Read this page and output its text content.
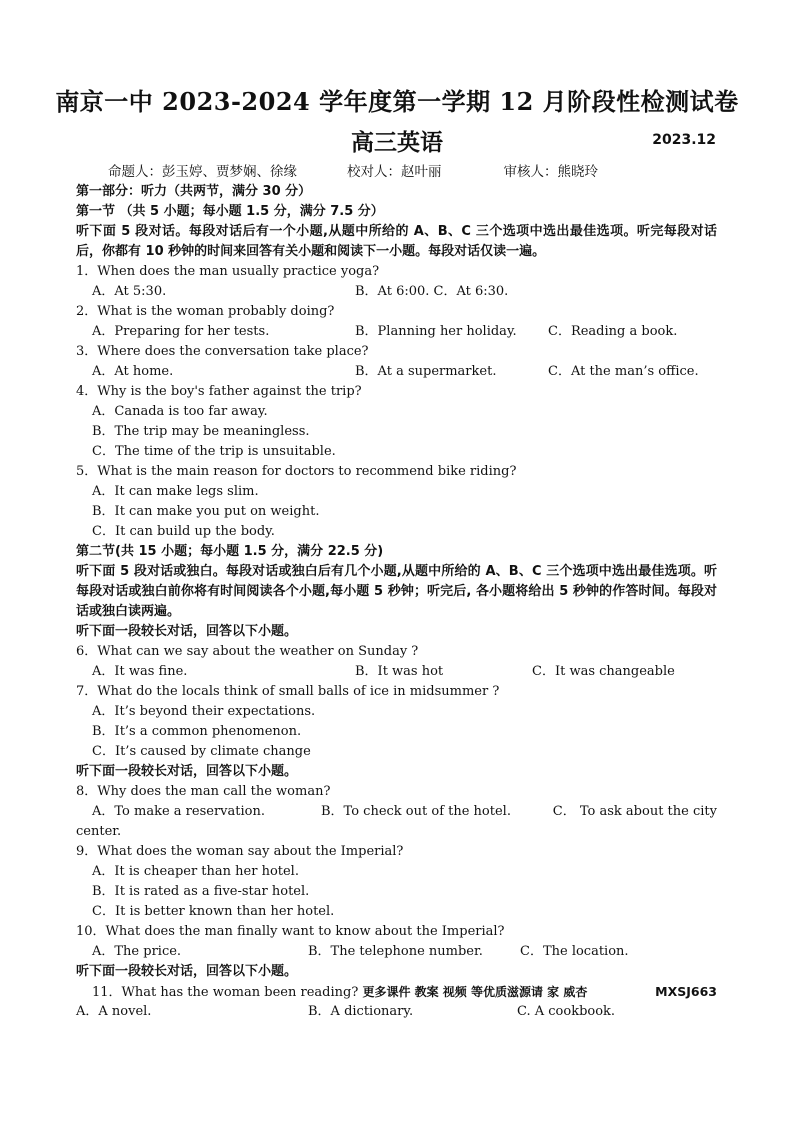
南京一中 2023-2024 学年度第一学期 12 月阶段性检测试卷
高三英语	2023.12
命题人：彭玉婷、贾梦娴、徐缘	校对人：赵叶丽	审核人：熊晓玲
第一部分：听力（共两节，满分 30 分）
第一节 （共 5 小题；每小题 1.5 分，满分 7.5 分）
听下面 5 段对话。每段对话后有一个小题,从题中所给的 A、B、C 三个选项中选出最佳选项。听完每段对话后，你都有 10 秒钟的时间来回答有关小题和阅读下一小题。每段对话仅读一遍。
1．When does the man usually practice yoga?
A．At 5:30.	B．At 6:00. C．At 6:30.
2．What is the woman probably doing?
A．Preparing for her tests.	B．Planning her holiday. C．Reading a book.
3．Where does the conversation take place?
A．At home.	B．At a supermarket.	C．At the man’s office.
4．Why is the boy's father against the trip?
A．Canada is too far away.
B．The trip may be meaningless.
C．The time of the trip is unsuitable.
5．What is the main reason for doctors to recommend bike riding?
A．It can make legs slim.
B．It can make you put on weight.
C．It can build up the body.
第二节(共 15 小题；每小题 1.5 分，满分 22.5 分)
听下面 5 段对话或独白。每段对话或独白后有几个小题,从题中所给的 A、B、C 三个选项中选出最佳选项。听每段对话或独白前你将有时间阅读各个小题,每小题 5 秒钟；听完后, 各小题将给出 5 秒钟的作答时间。每段对话或独白读两遍。
听下面一段较长对话，回答以下小题。
6．What can we say about the weather on Sunday ?
A．It was fine.	B．It was hot	C．It was changeable
7．What do the locals think of small balls of ice in midsummer ?
A．It’s beyond their expectations.
B．It’s a common phenomenon.
C．It’s caused by climate change
听下面一段较长对话，回答以下小题。
8．Why does the man call the woman?
A．To make a reservation.	B．To check out of the hotel.	C． To ask about the city
center.
9．What does the woman say about the Imperial?
A．It is cheaper than her hotel.
B．It is rated as a five-star hotel.
C．It is better known than her hotel.
10．What does the man finally want to know about the Imperial?
A．The price.	B．The telephone number.	C．The location.
听下面一段较长对话，回答以下小题。
11．What has the woman been reading? 更多课件 教案 视频 等优质滋源请 家 威杏	MXSJ663
A．A novel.	B．A dictionary.	C. A cookbook.
